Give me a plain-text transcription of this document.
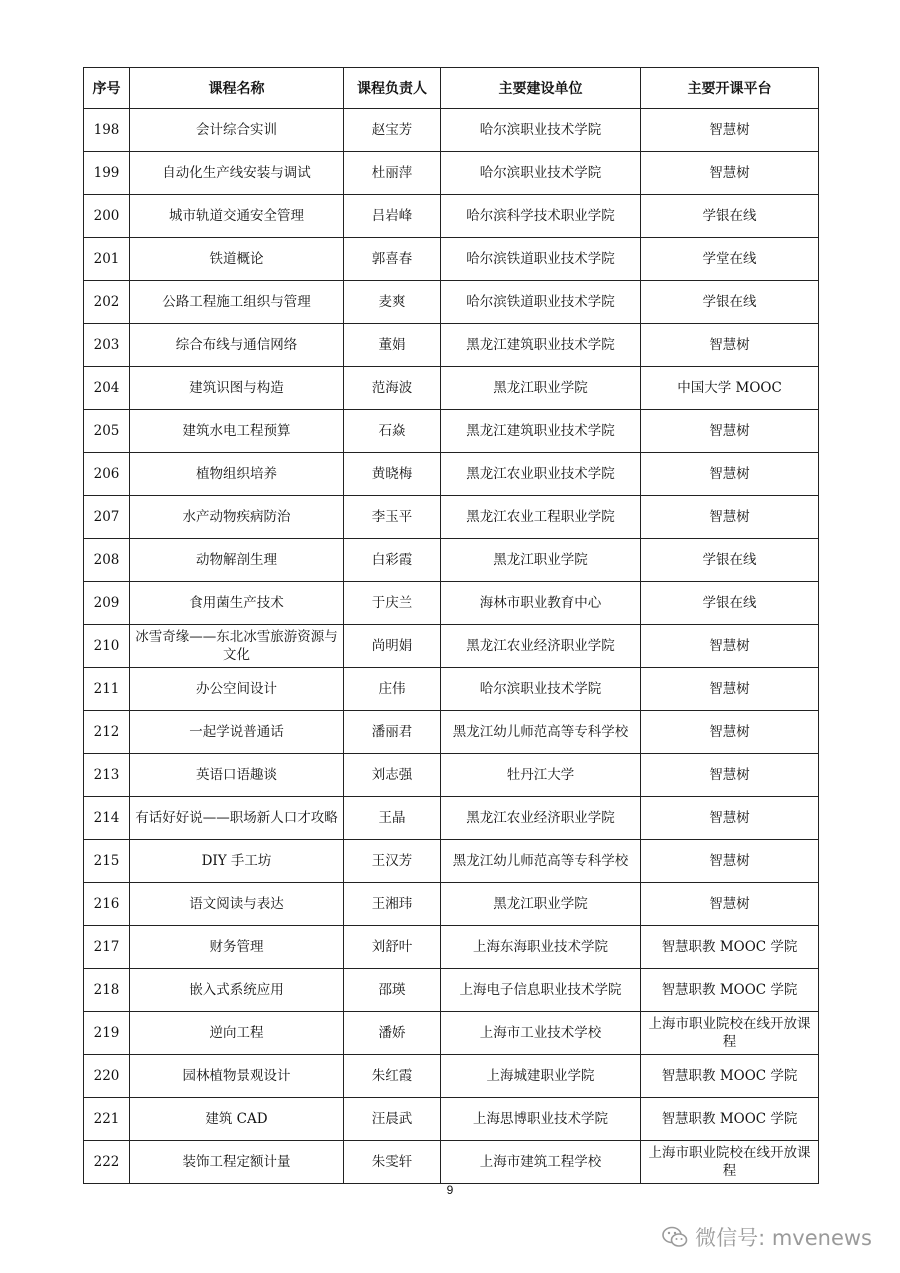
序号	课程名称	课程负责人	主要建设单位	主要开课平台
198	会计综合实训	赵宝芳	哈尔滨职业技术学院	智慧树
199	自动化生产线安装与调试	杜丽萍	哈尔滨职业技术学院	智慧树
200	城市轨道交通安全管理	吕岩峰	哈尔滨科学技术职业学院	学银在线
201	铁道概论	郭喜春	哈尔滨铁道职业技术学院	学堂在线
202	公路工程施工组织与管理	麦爽	哈尔滨铁道职业技术学院	学银在线
203	综合布线与通信网络	董娟	黑龙江建筑职业技术学院	智慧树
204	建筑识图与构造	范海波	黑龙江职业学院	中国大学 MOOC
205	建筑水电工程预算	石焱	黑龙江建筑职业技术学院	智慧树
206	植物组织培养	黄晓梅	黑龙江农业职业技术学院	智慧树
207	水产动物疾病防治	李玉平	黑龙江农业工程职业学院	智慧树
208	动物解剖生理	白彩霞	黑龙江职业学院	学银在线
209	食用菌生产技术	于庆兰	海林市职业教育中心	学银在线
210	冰雪奇缘——东北冰雪旅游资源与文化	尚明娟	黑龙江农业经济职业学院	智慧树
211	办公空间设计	庄伟	哈尔滨职业技术学院	智慧树
212	一起学说普通话	潘丽君	黑龙江幼儿师范高等专科学校	智慧树
213	英语口语趣谈	刘志强	牡丹江大学	智慧树
214	有话好好说——职场新人口才攻略	王晶	黑龙江农业经济职业学院	智慧树
215	DIY 手工坊	王汉芳	黑龙江幼儿师范高等专科学校	智慧树
216	语文阅读与表达	王湘玮	黑龙江职业学院	智慧树
217	财务管理	刘舒叶	上海东海职业技术学院	智慧职教 MOOC 学院
218	嵌入式系统应用	邵瑛	上海电子信息职业技术学院	智慧职教 MOOC 学院
219	逆向工程	潘娇	上海市工业技术学校	上海市职业院校在线开放课程
220	园林植物景观设计	朱红霞	上海城建职业学院	智慧职教 MOOC 学院
221	建筑 CAD	汪晨武	上海思博职业技术学院	智慧职教 MOOC 学院
222	装饰工程定额计量	朱雯轩	上海市建筑工程学校	上海市职业院校在线开放课程
9
微信号: mvenews
